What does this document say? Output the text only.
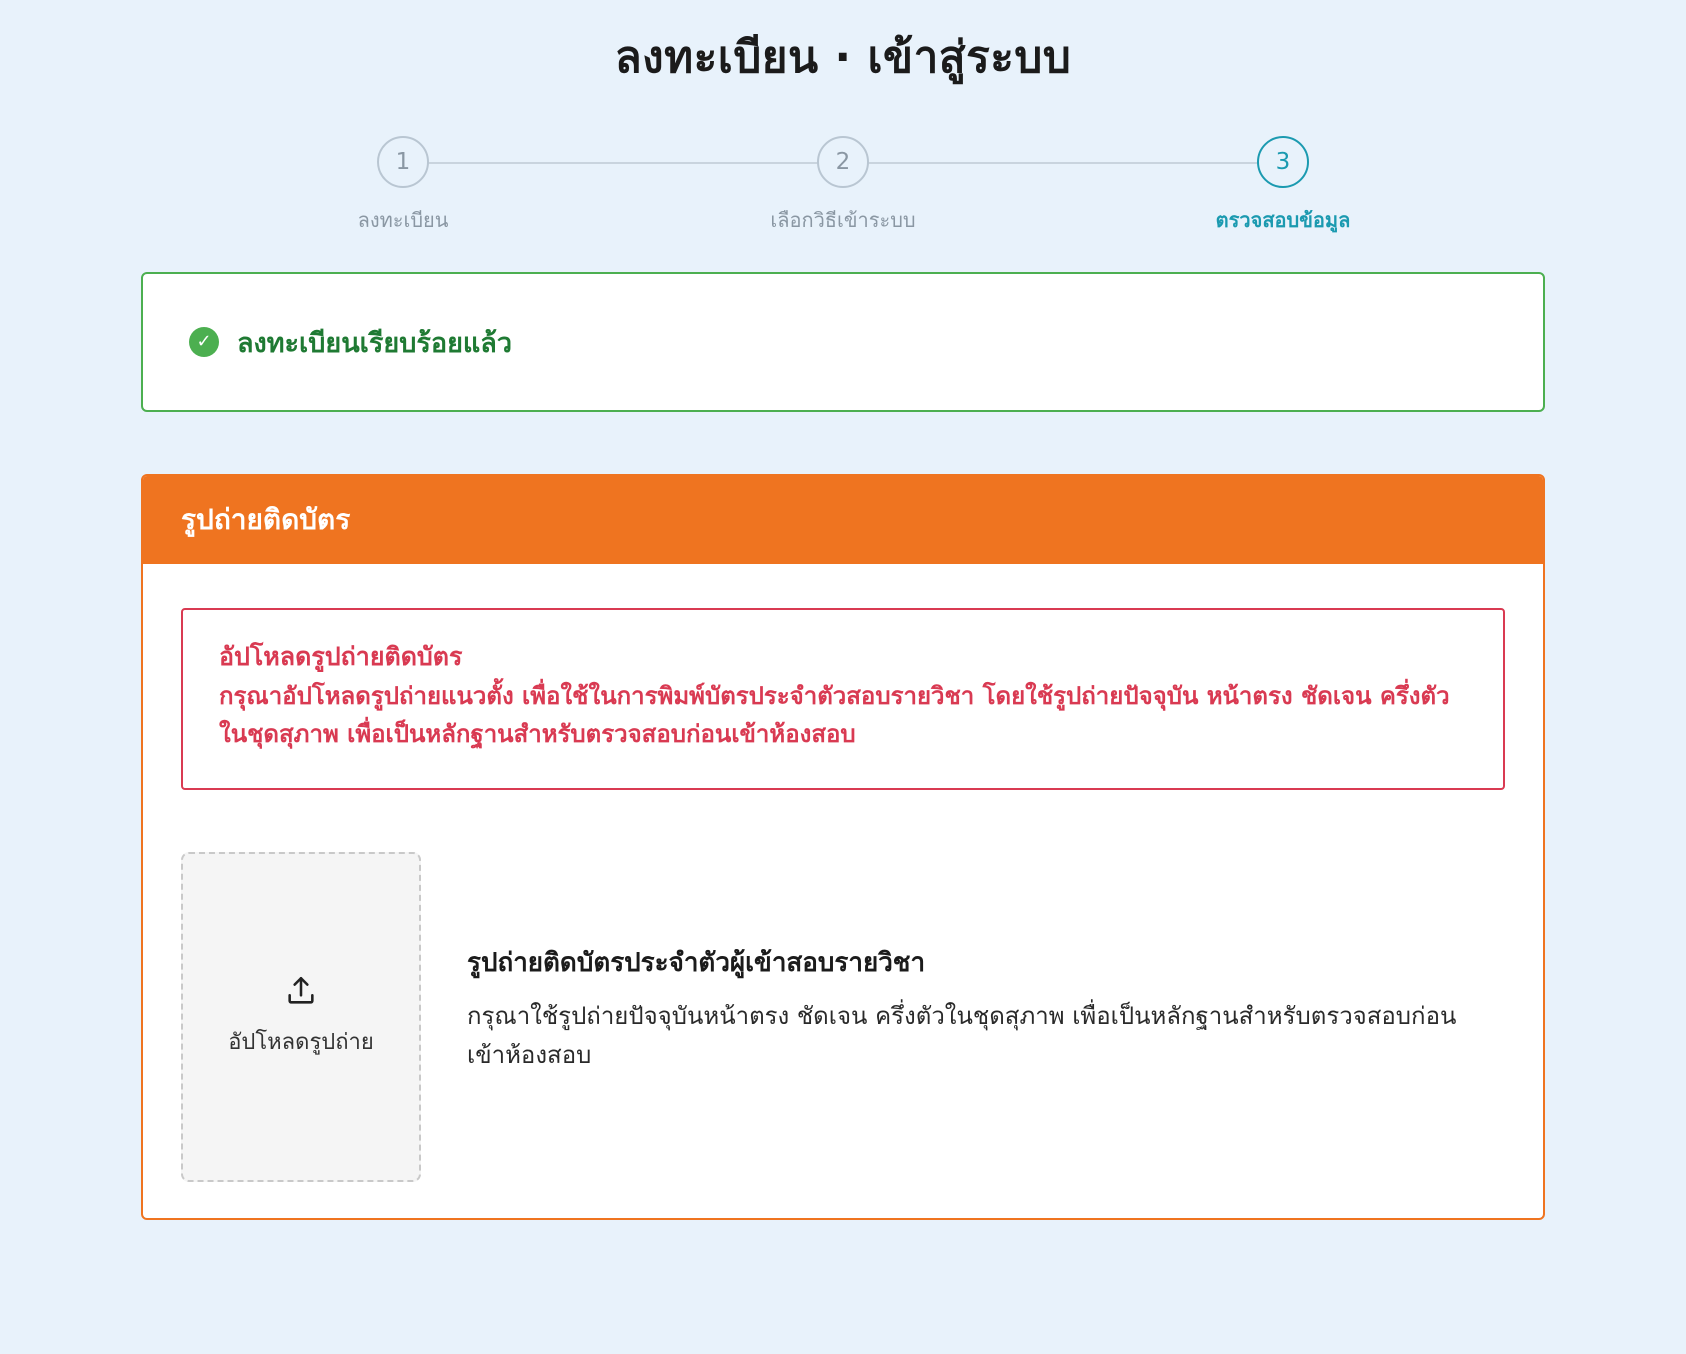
ลงทะเบียน · เข้าสู่ระบบ
1
ลงทะเบียน
2
เลือกวิธีเข้าระบบ
3
ตรวจสอบข้อมูล
✓ ลงทะเบียนเรียบร้อยแล้ว
รูปถ่ายติดบัตร
อัปโหลดรูปถ่ายติดบัตร
กรุณาอัปโหลดรูปถ่ายแนวตั้ง เพื่อใช้ในการพิมพ์บัตรประจำตัวสอบรายวิชา โดยใช้รูปถ่ายปัจจุบัน หน้าตรง ชัดเจน ครึ่งตัวในชุดสุภาพ เพื่อเป็นหลักฐานสำหรับตรวจสอบก่อนเข้าห้องสอบ
อัปโหลดรูปถ่าย
รูปถ่ายติดบัตรประจำตัวผู้เข้าสอบรายวิชา
กรุณาใช้รูปถ่ายปัจจุบันหน้าตรง ชัดเจน ครึ่งตัวในชุดสุภาพ เพื่อเป็นหลักฐานสำหรับตรวจสอบก่อนเข้าห้องสอบ
